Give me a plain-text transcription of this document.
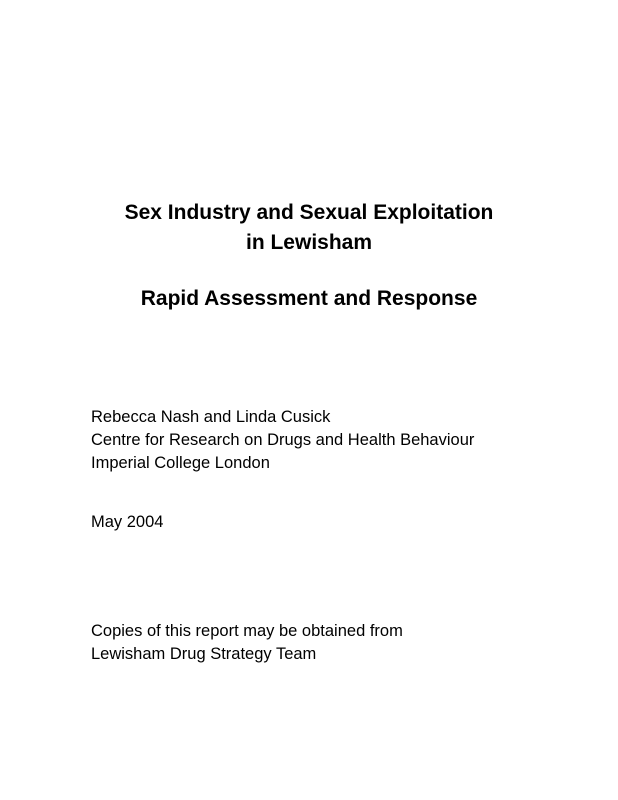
Sex Industry and Sexual Exploitation
in Lewisham
Rapid Assessment and Response
Rebecca Nash and Linda Cusick
Centre for Research on Drugs and Health Behaviour
Imperial College London
May 2004
Copies of this report may be obtained from
Lewisham Drug Strategy Team
